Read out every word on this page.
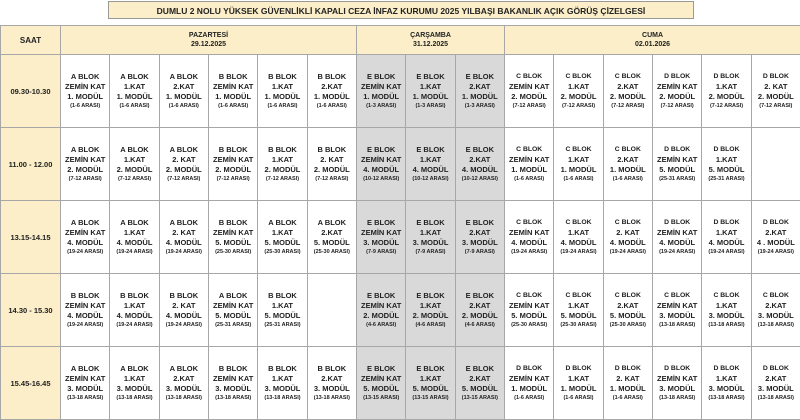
DUMLU 2 NOLU YÜKSEK GÜVENLİKLİ KAPALI CEZA İNFAZ KURUMU 2025 YILBAŞI BAKANLIK AÇIK GÖRÜŞ ÇİZELGESİ
SAAT	PAZARTESİ
29.12.2025						ÇARŞAMBA
31.12.2025			CUMA
02.01.2026					
09.30-10.30	A BLOK
ZEMİN KAT
1. MODÜL
(1-6 ARASI)	A BLOK
1.KAT
1. MODÜL
(1-6 ARASI)	A BLOK
2.KAT
1. MODÜL
(1-6 ARASI)	B BLOK
ZEMİN KAT
1. MODÜL
(1-6 ARASI)	B BLOK
1.KAT
1. MODÜL
(1-6 ARASI)	B BLOK
2.KAT
1. MODÜL
(1-6 ARASI)	E BLOK
ZEMİN KAT
1. MODÜL
(1-3 ARASI)	E BLOK
1.KAT
1. MODÜL
(1-3 ARASI)	E BLOK
2.KAT
1. MODÜL
(1-3 ARASI)	C BLOK
ZEMİN KAT
2. MODÜL
(7-12 ARASI)	C BLOK
1.KAT
2. MODÜL
(7-12 ARASI)	C BLOK
2.KAT
2. MODÜL
(7-12 ARASI)	D BLOK
ZEMİN KAT
2. MODÜL
(7-12 ARASI)	D BLOK
1.KAT
2. MODÜL
(7-12 ARASI)	D BLOK
2. KAT
2. MODÜL
(7-12 ARASI)

11.00 - 12.00	A BLOK
ZEMİN KAT
2. MODÜL
(7-12 ARASI)	A BLOK
1.KAT
2. MODÜL
(7-12 ARASI)	A BLOK
2. KAT
2. MODÜL
(7-12 ARASI)	B BLOK
ZEMİN KAT
2. MODÜL
(7-12 ARASI)	B BLOK
1.KAT
2. MODÜL
(7-12 ARASI)	B BLOK
2. KAT
2. MODÜL
(7-12 ARASI)	E BLOK
ZEMİN KAT
4. MODÜL
(10-12 ARASI)	E BLOK
1.KAT
4. MODÜL
(10-12 ARASI)	E BLOK
2.KAT
4. MODÜL
(10-12 ARASI)	C BLOK
ZEMİN KAT
1. MODÜL
(1-6 ARASI)	C BLOK
1.KAT
1. MODÜL
(1-6 ARASI)	C BLOK
2.KAT
1. MODÜL
(1-6 ARASI)	D BLOK
ZEMİN KAT
5. MODÜL
(25-31 ARASI)	D BLOK
1.KAT
5. MODÜL
(25-31 ARASI)	

13.15-14.15	A BLOK
ZEMİN KAT
4. MODÜL
(19-24 ARASI)	A BLOK
1.KAT
4. MODÜL
(19-24 ARASI)	A BLOK
2. KAT
4. MODÜL
(19-24 ARASI)	B BLOK
ZEMİN KAT
5. MODÜL
(25-30 ARASI)	A BLOK
1.KAT
5. MODÜL
(25-30 ARASI)	A BLOK
2.KAT
5. MODÜL
(25-30 ARASI)	E BLOK
ZEMİN KAT
3. MODÜL
(7-9 ARASI)	E BLOK
1.KAT
3. MODÜL
(7-9 ARASI)	E BLOK
2.KAT
3. MODÜL
(7-9 ARASI)	C BLOK
ZEMİN KAT
4. MODÜL
(19-24 ARASI)	C BLOK
1.KAT
4. MODÜL
(19-24 ARASI)	C BLOK
2. KAT
4. MODÜL
(19-24 ARASI)	D BLOK
ZEMİN KAT
4. MODÜL
(19-24 ARASI)	D BLOK
1.KAT
4. MODÜL
(19-24 ARASI)	D BLOK
2.KAT
4 . MODÜL
(19-24 ARASI)

14.30 - 15.30	B BLOK
ZEMİN KAT
4. MODÜL
(19-24 ARASI)	B BLOK
1.KAT
4. MODÜL
(19-24 ARASI)	B BLOK
2. KAT
4. MODÜL
(19-24 ARASI)	A BLOK
ZEMİN KAT
5. MODÜL
(25-31 ARASI)	B BLOK
1.KAT
5. MODÜL
(25-31 ARASI)		E BLOK
ZEMİN KAT
2. MODÜL
(4-6 ARASI)	E BLOK
1.KAT
2. MODÜL
(4-6 ARASI)	E BLOK
2.KAT
2. MODÜL
(4-6 ARASI)	C BLOK
ZEMİN KAT
5. MODÜL
(25-30 ARASI)	C BLOK
1.KAT
5. MODÜL
(25-30 ARASI)	C BLOK
2.KAT
5. MODÜL
(25-30 ARASI)	C BLOK
ZEMİN KAT
3. MODÜL
(13-18 ARASI)	C BLOK
1.KAT
3. MODÜL
(13-18 ARASI)	C BLOK
2.KAT
3. MODÜL
(13-18 ARASI)

15.45-16.45	A BLOK
ZEMİN KAT
3. MODÜL
(13-18 ARASI)	A BLOK
1.KAT
3. MODÜL
(13-18 ARASI)	A BLOK
2.KAT
3. MODÜL
(13-18 ARASI)	B BLOK
ZEMİN KAT
3. MODÜL
(13-18 ARASI)	B BLOK
1.KAT
3. MODÜL
(13-18 ARASI)	B BLOK
2.KAT
3. MODÜL
(13-18 ARASI)	E BLOK
ZEMİN KAT
5. MODÜL
(13-15 ARASI)	E BLOK
1.KAT
5. MODÜL
(13-15 ARASI)	E BLOK
2.KAT
5. MODÜL
(13-15 ARASI)	D BLOK
ZEMİN KAT
1. MODÜL
(1-6 ARASI)	D BLOK
1.KAT
1. MODÜL
(1-6 ARASI)	D BLOK
2. KAT
1. MODÜL
(1-6 ARASI)	D BLOK
ZEMİN KAT
3. MODÜL
(13-18 ARASI)	D BLOK
1.KAT
3. MODÜL
(13-18 ARASI)	D BLOK
2.KAT
3. MODÜL
(13-18 ARASI)
